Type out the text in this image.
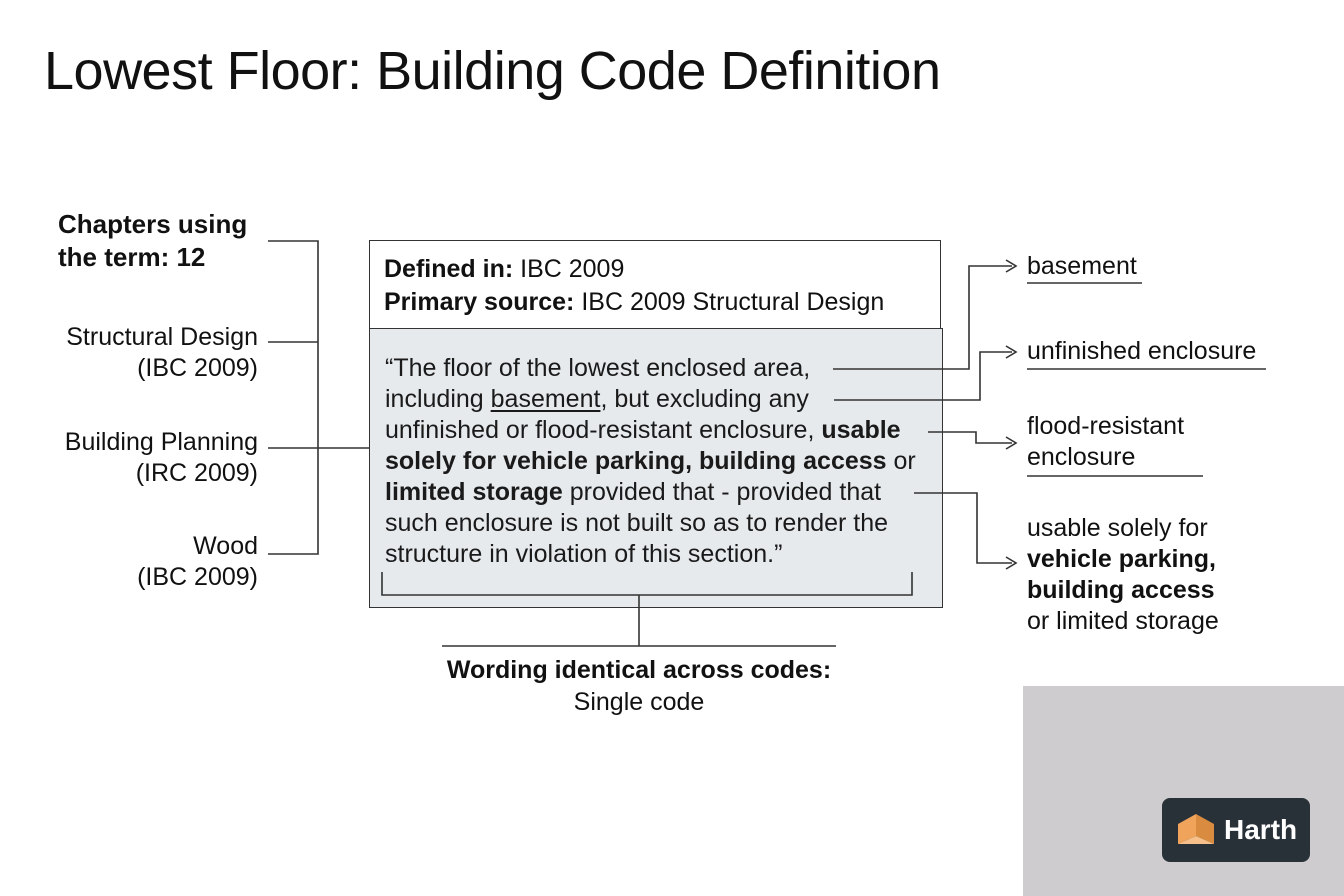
Lowest Floor: Building Code Definition
Chapters using
the term: 12
Structural Design
(IBC 2009)
Building Planning
(IRC 2009)
Wood
(IBC 2009)
Defined in: IBC 2009
Primary source: IBC 2009 Structural Design
“The floor of the lowest enclosed area,
including basement, but excluding any
unfinished or flood-resistant enclosure, usable
solely for vehicle parking, building access or
limited storage provided that - provided that
such enclosure is not built so as to render the
structure in violation of this section.”
basement
unfinished enclosure
flood-resistant
enclosure
usable solely for
vehicle parking,
building access
or limited storage
Wording identical across codes:
Single code
Harth
